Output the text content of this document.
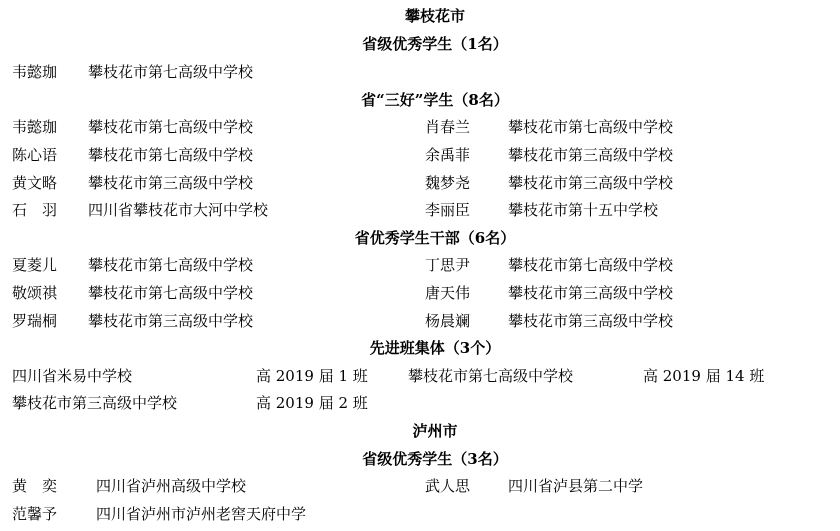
攀枝花市
省级优秀学生（1名）
韦懿珈 攀枝花市第七高级中学校
省“三好”学生（8名）
韦懿珈 攀枝花市第七高级中学校	肖春兰	攀枝花市第七高级中学校
陈心语 攀枝花市第七高级中学校	余禹菲	攀枝花市第三高级中学校
黄文略 攀枝花市第三高级中学校	魏梦尧	攀枝花市第三高级中学校
石　羽 四川省攀枝花市大河中学校	李丽臣	攀枝花市第十五中学校
省优秀学生干部（6名）
夏菱儿 攀枝花市第七高级中学校	丁思尹	攀枝花市第七高级中学校
敬颂祺 攀枝花市第七高级中学校	唐天伟	攀枝花市第三高级中学校
罗瑞桐 攀枝花市第三高级中学校	杨晨斓	攀枝花市第三高级中学校
先进班集体（3个）
四川省米易中学校	高 2019 届 1 班	攀枝花市第七高级中学校	高 2019 届 14 班
攀枝花市第三高级中学校	高 2019 届 2 班
泸州市
省级优秀学生（3名）
黄　奕	四川省泸州高级中学校	武人思	四川省泸县第二中学
范馨予	四川省泸州市泸州老窖天府中学
